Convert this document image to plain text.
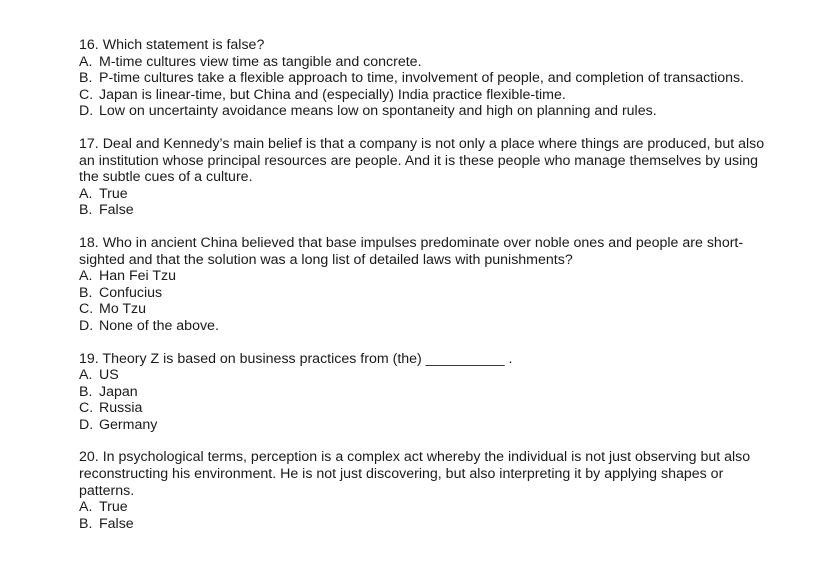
16. Which statement is false?

A. M-time cultures view time as tangible and concrete.
B. P-time cultures take a flexible approach to time, involvement of people, and completion of transactions.
C. Japan is linear-time, but China and (especially) India practice flexible-time.
D. Low on uncertainty avoidance means low on spontaneity and high on planning and rules.

17. Deal and Kennedy’s main belief is that a company is not only a place where things are produced, but also an institution whose principal resources are people. And it is these people who manage themselves by using the subtle cues of a culture.

A. True
B. False

18. Who in ancient China believed that base impulses predominate over noble ones and people are short-sighted and that the solution was a long list of detailed laws with punishments?

A. Han Fei Tzu
B. Confucius
C. Mo Tzu
D. None of the above.

19. Theory Z is based on business practices from (the) __________ .

A. US
B. Japan
C. Russia
D. Germany

20. In psychological terms, perception is a complex act whereby the individual is not just observing but also reconstructing his environment. He is not just discovering, but also interpreting it by applying shapes or patterns.

A. True
B. False
